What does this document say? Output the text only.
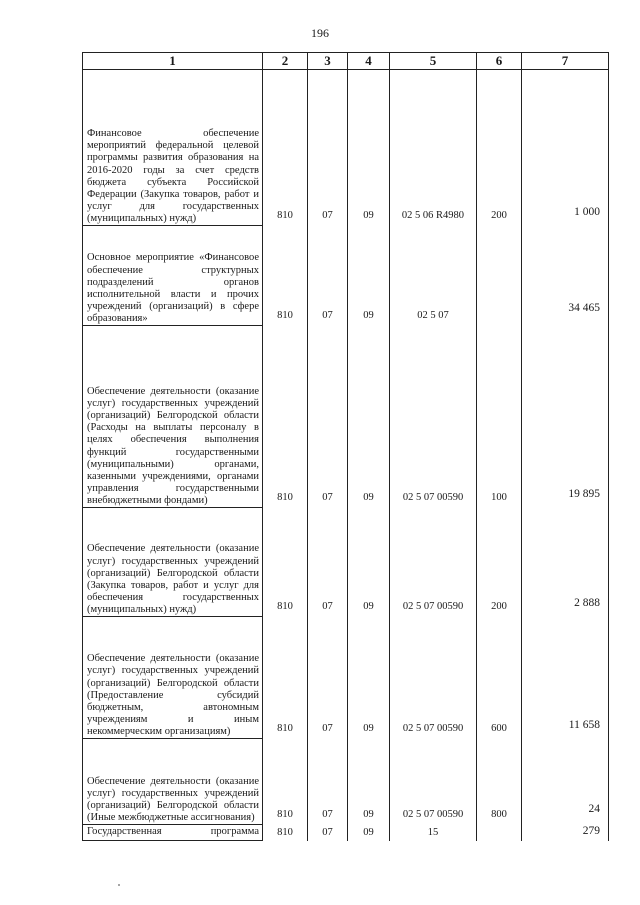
196
1	2	3	4	5	6	7
Финансовое обеспечение мероприятий федеральной целевой программы развития образования на 2016-2020 годы за счет средств бюджета субъекта Российской Федерации (Закупка товаров, работ и услуг для государственных (муниципальных) нужд)	810	07	09	02 5 06 R4980	200	1 000
Основное мероприятие «Финансовое обеспечение структурных подразделений органов исполнительной власти и прочих учреждений (организаций) в сфере образования»	810	07	09	02 5 07		34 465
Обеспечение деятельности (оказание услуг) государственных учреждений (организаций) Белгородской области (Расходы на выплаты персоналу в целях обеспечения выполнения функций государственными (муниципальными) органами, казенными учреждениями, органами управления государственными внебюджетными фондами)	810	07	09	02 5 07 00590	100	19 895
Обеспечение деятельности (оказание услуг) государственных учреждений (организаций) Белгородской области (Закупка товаров, работ и услуг для обеспечения государственных (муниципальных) нужд)	810	07	09	02 5 07 00590	200	2 888
Обеспечение деятельности (оказание услуг) государственных учреждений (организаций) Белгородской области (Предоставление субсидий бюджетным, автономным учреждениям и иным некоммерческим организациям)	810	07	09	02 5 07 00590	600	11 658
Обеспечение деятельности (оказание услуг) государственных учреждений (организаций) Белгородской области (Иные межбюджетные ассигнования)	810	07	09	02 5 07 00590	800	24
Государственная программа	810	07	09	15		279
